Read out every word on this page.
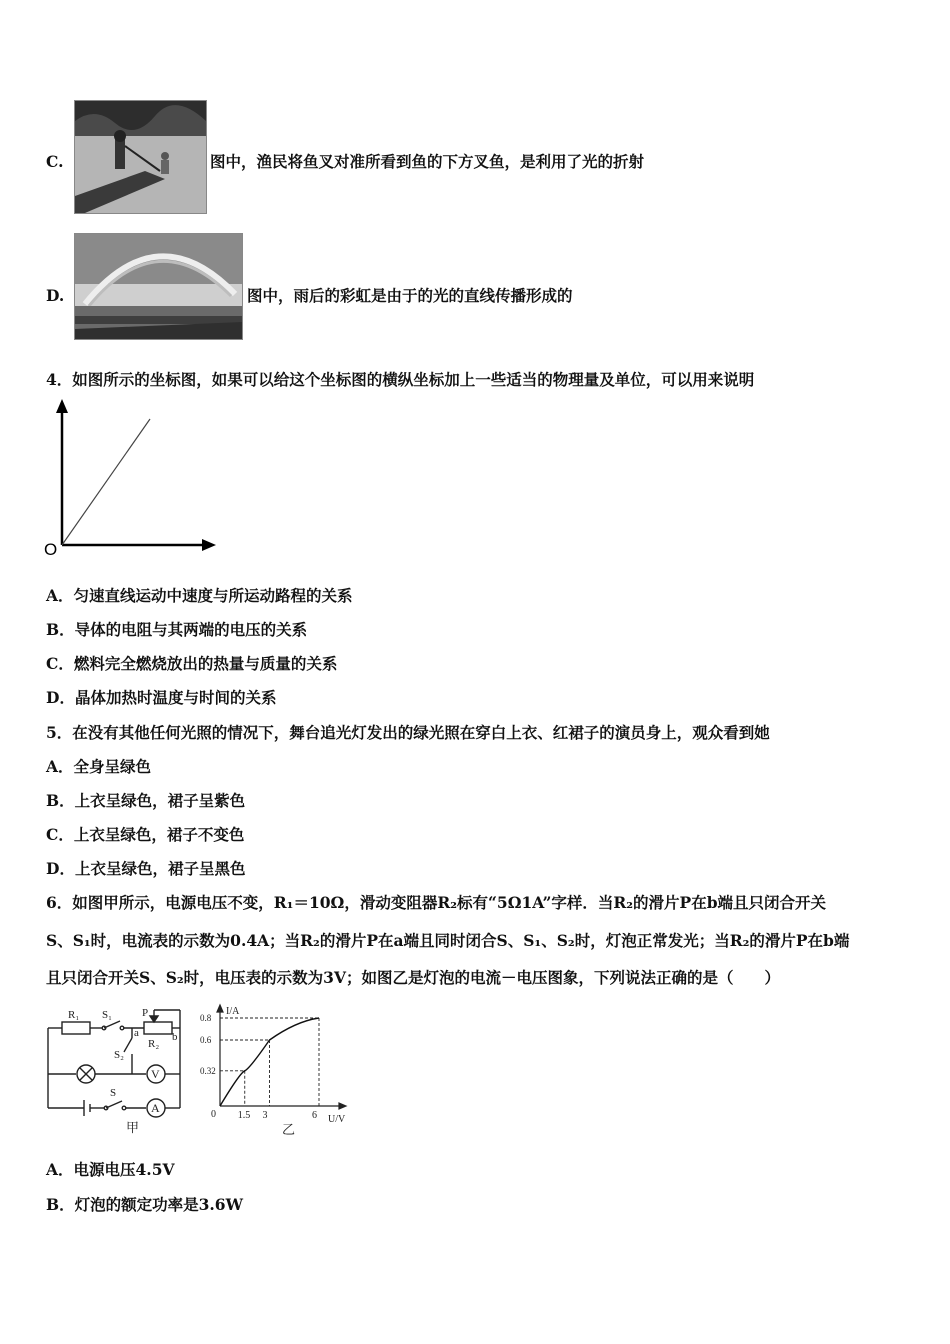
C.	图中，渔民将鱼叉对准所看到鱼的下方叉鱼，是利用了光的折射
D.	图中，雨后的彩虹是由于的光的直线传播形成的
4．如图所示的坐标图，如果可以给这个坐标图的横纵坐标加上一些适当的物理量及单位，可以用来说明
O
A．匀速直线运动中速度与所运动路程的关系
B．导体的电阻与其两端的电压的关系
C．燃料完全燃烧放出的热量与质量的关系
D．晶体加热时温度与时间的关系
5．在没有其他任何光照的情况下，舞台追光灯发出的绿光照在穿白上衣、红裙子的演员身上，观众看到她
A．全身呈绿色
B．上衣呈绿色，裙子呈紫色
C．上衣呈绿色，裙子不变色
D．上衣呈绿色，裙子呈黑色
6．如图甲所示，电源电压不变，R₁＝10Ω，滑动变阻器R₂标有“5Ω1A”字样．当R₂的滑片P在b端且只闭合开关
S、S₁时，电流表的示数为0.4A；当R₂的滑片P在a端且同时闭合S、S₁、S₂时，灯泡正常发光；当R₂的滑片P在b端
且只闭合开关S、S₂时，电压表的示数为3V；如图乙是灯泡的电流－电压图象，下列说法正确的是（　　）
R₁ S₁	P
R₂
a	b
S₂
S
V
A
甲
1.5
0.32
3
0.6
6
0.8
I/A
U/V
0
乙
A．电源电压4.5V
B．灯泡的额定功率是3.6W
